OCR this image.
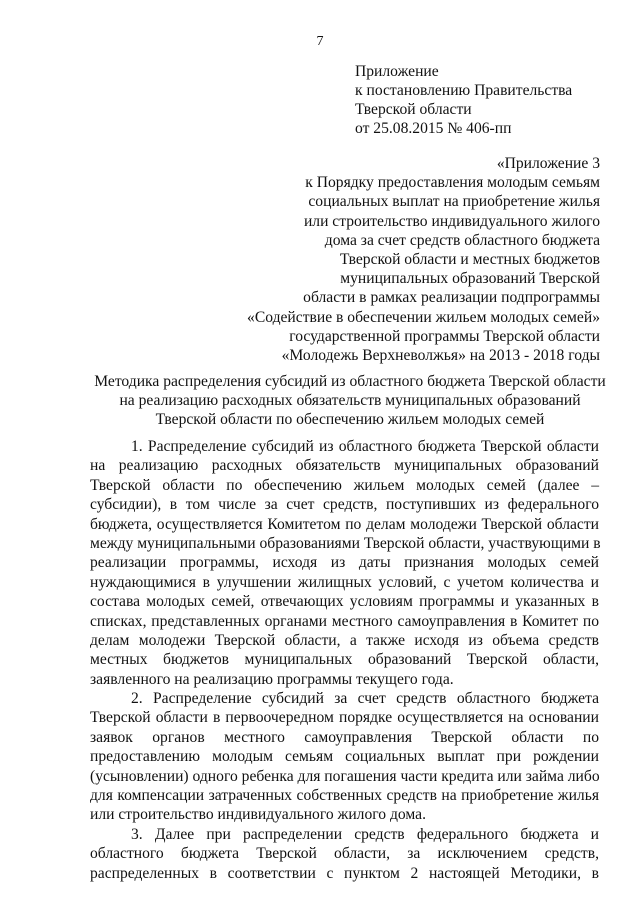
7
Приложение
к постановлению Правительства
Тверской области
от 25.08.2015 № 406-пп
«Приложение 3
к Порядку предоставления молодым семьям
социальных выплат на приобретение жилья
или строительство индивидуального жилого
дома за счет средств областного бюджета
Тверской области и местных бюджетов
муниципальных образований Тверской
области в рамках реализации подпрограммы
«Содействие в обеспечении жильем молодых семей»
государственной программы Тверской области
«Молодежь Верхневолжья» на 2013 - 2018 годы
Методика распределения субсидий из областного бюджета Тверской области
на реализацию расходных обязательств муниципальных образований
Тверской области по обеспечению жильем молодых семей
1. Распределение субсидий из областного бюджета Тверской области
на реализацию расходных обязательств муниципальных образований
Тверской области по обеспечению жильем молодых семей (далее –
субсидии), в том числе за счет средств, поступивших из федерального
бюджета, осуществляется Комитетом по делам молодежи Тверской области
между муниципальными образованиями Тверской области, участвующими в
реализации программы, исходя из даты признания молодых семей
нуждающимися в улучшении жилищных условий, с учетом количества и
состава молодых семей, отвечающих условиям программы и указанных в
списках, представленных органами местного самоуправления в Комитет по
делам молодежи Тверской области, а также исходя из объема средств
местных бюджетов муниципальных образований Тверской области,
заявленного на реализацию программы текущего года.
2. Распределение субсидий за счет средств областного бюджета
Тверской области в первоочередном порядке осуществляется на основании
заявок органов местного самоуправления Тверской области по
предоставлению молодым семьям социальных выплат при рождении
(усыновлении) одного ребенка для погашения части кредита или займа либо
для компенсации затраченных собственных средств на приобретение жилья
или строительство индивидуального жилого дома.
3. Далее при распределении средств федерального бюджета и
областного бюджета Тверской области, за исключением средств,
распределенных в соответствии с пунктом 2 настоящей Методики, в
